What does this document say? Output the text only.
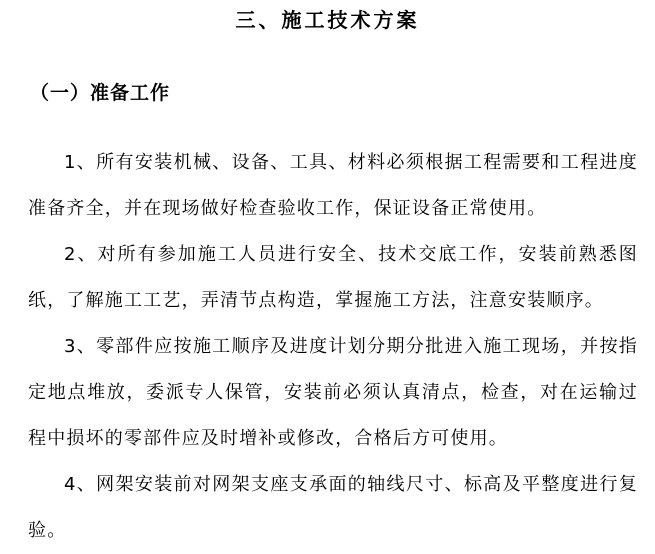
三、施工技术方案
（一）准备工作

1、所有安装机械、设备、工具、材料必须根据工程需要和工程进度准备齐全，并在现场做好检查验收工作，保证设备正常使用。

2、对所有参加施工人员进行安全、技术交底工作，安装前熟悉图纸，了解施工工艺，弄清节点构造，掌握施工方法，注意安装顺序。

3、零部件应按施工顺序及进度计划分期分批进入施工现场，并按指定地点堆放，委派专人保管，安装前必须认真清点，检查，对在运输过程中损坏的零部件应及时增补或修改，合格后方可使用。

4、网架安装前对网架支座支承面的轴线尺寸、标高及平整度进行复验。
